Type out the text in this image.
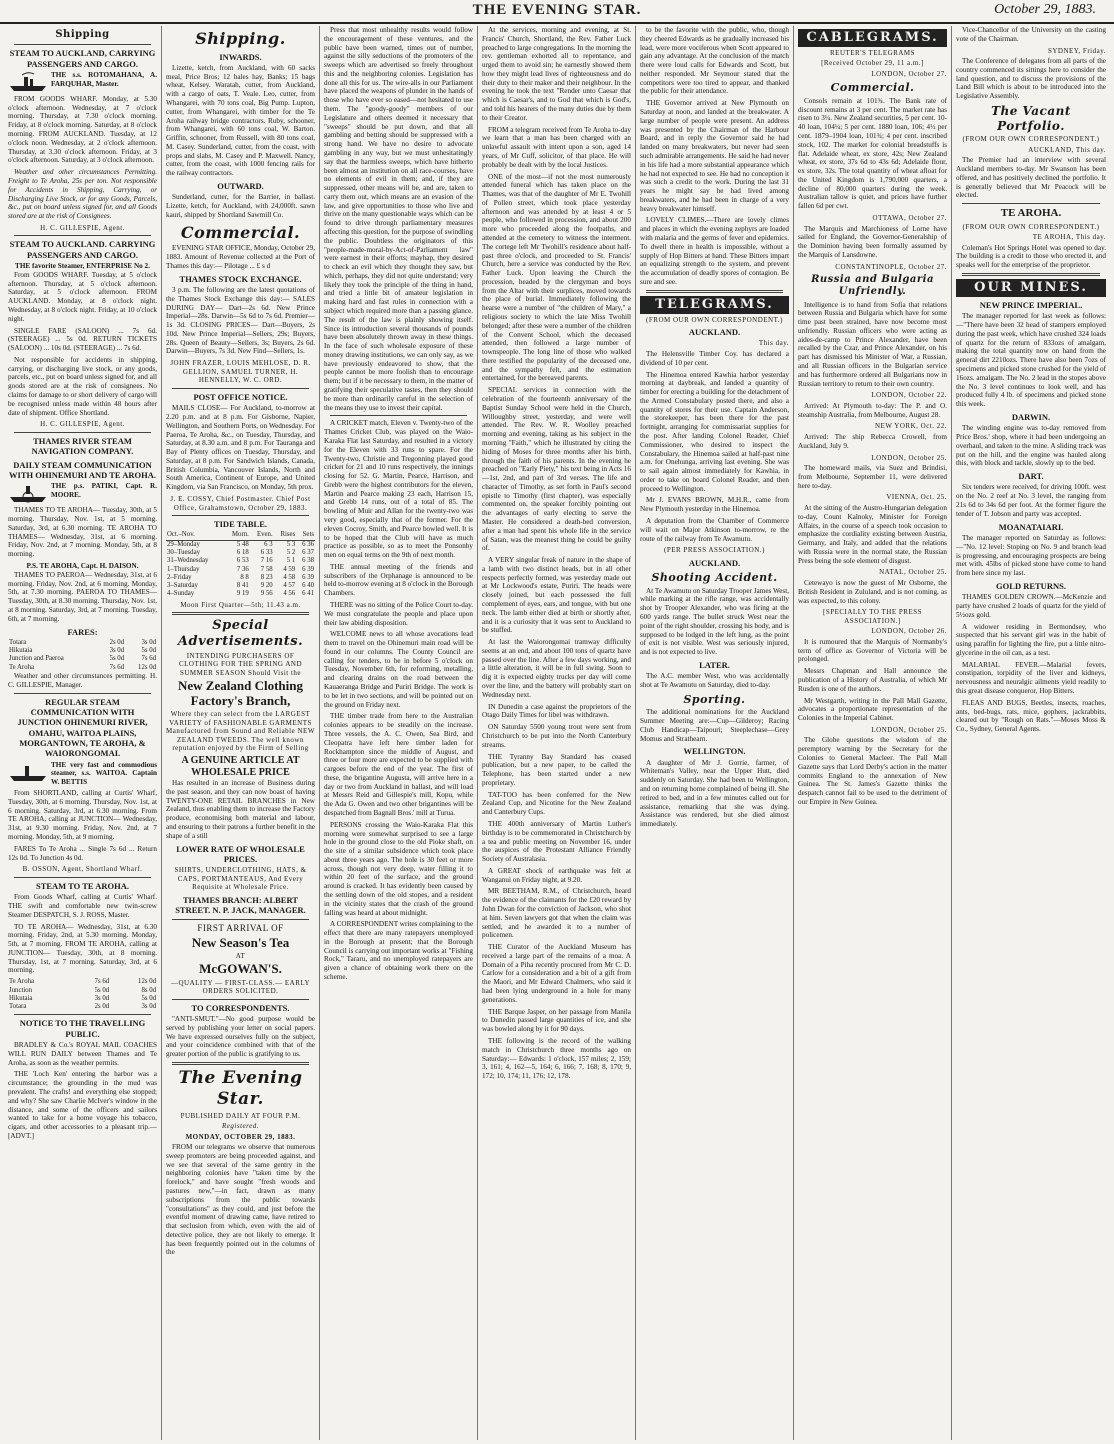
THE EVENING STAR.	October 29, 1883.
Shipping
STEAM TO AUCKLAND, CARRYING PASSENGERS AND CARGO.
THE s.s. ROTOMAHANA, A. FARQUHAR, Master.
FROM GOODS WHARF. Monday, at 5.30 o'clock afternoon. Wednesday, at 7 o'clock morning. Thursday, at 7.30 o'clock morning. Friday, at 8 o'clock morning. Saturday, at 8 o'clock morning. FROM AUCKLAND. Tuesday, at 12 o'clock noon. Wednesday, at 2 o'clock afternoon. Thursday, at 3.30 o'clock afternoon. Friday, at 3 o'clock afternoon. Saturday, at 3 o'clock afternoon.
Weather and other circumstances Permitting. Freight to Te Aroha, 25s per ton. Not responsible for Accidents in Shipping, Carrying, or Discharging Live Stock, or for any Goods, Parcels, &c., put on board unless signed for, and all Goods stored are at the risk of Consignees.
H. C. GILLESPIE, Agent.
STEAM TO AUCKLAND. CARRYING PASSENGERS AND CARGO.
THE favorite Steamer, ENTERPRISE No 2.
From GOODS WHARF. Tuesday, at 5 o'clock afternoon. Thursday, at 5 o'clock afternoon. Saturday, at 5 o'clock afternoon. FROM AUCKLAND. Monday, at 8 o'clock night. Wednesday, at 8 o'clock night. Friday, at 10 o'clock night.
SINGLE FARE (SALOON) ... 7s 6d. (STEERAGE) ... 5s 0d. RETURN TICKETS (SALOON) ... 10s 0d. (STEERAGE) ... 7s 6d.
Not responsible for accidents in shipping, carrying, or discharging live stock, or any goods, parcels, etc., put on board unless signed for, and all goods stored are at the risk of consignees. No claims for damage to or short delivery of cargo will be recognised unless made within 48 hours after date of shipment. Office Shortland.
H. C. GILLESPIE, Agent.
THAMES RIVER STEAM NAVIGATION COMPANY.
DAILY STEAM COMMUNICATION WITH OHINEMURI AND TE AROHA.
THE p.s. PATIKI, Capt. R. MOORE.
THAMES TO TE AROHA— Tuesday, 30th, at 5 morning. Thursday, Nov. 1st, at 5 morning. Saturday, 3rd, at 6.30 morning. TE AROHA TO THAMES— Wednesday, 31st, at 6 morning. Friday, Nov. 2nd, at 7 morning. Monday, 5th, at 8 morning.
P.S. TE AROHA, Capt. H. DAISON.
THAMES TO PAEROA— Wednesday, 31st, at 6 morning. Friday, Nov. 2nd, at 6 morning. Monday, 5th, at 7.30 morning. PAEROA TO THAMES— Tuesday, 30th, at 8.30 morning. Thursday, Nov. 1st, at 8 morning. Saturday, 3rd, at 7 morning. Tuesday, 6th, at 7 morning.
FARES:
Totara	2s 0d	3s 0d
Hikutaia	3s 0d	5s 0d
Junction and Paeroa	5s 0d	7s 6d
Te Aroha	7s 6d	12s 0d
Weather and other circumstances permitting. H. C. GILLESPIE, Manager.
REGULAR STEAM COMMUNICATION WITH JUNCTION OHINEMURI RIVER, OMAHU, WAITOA PLAINS, MORGANTOWN, TE AROHA, & WAIORONGOMAI.
THE very fast and commodious steamer, s.s. WAITOA. Captain W. BETTIS
From SHORTLAND, calling at Curtis' Wharf, Tuesday, 30th, at 6 morning. Thursday, Nov. 1st, at 6 morning. Saturday, 3rd, at 6.30 morning. From TE AROHA, calling at JUNCTION— Wednesday, 31st, at 9.30 morning. Friday, Nov. 2nd, at 7 morning. Monday, 5th, at 9 morning.
FARES To Te Aroha ... Single 7s 6d ... Return 12s 0d. To Junction 4s 0d.
B. OSSON, Agent, Shortland Wharf.
STEAM TO TE AROHA.
From Goods Wharf, calling at Curtis' Wharf. THE swift and comfortable new twin-screw Steamer DESPATCH, S. J. ROSS, Master.
TO TE AROHA— Wednesday, 31st, at 6.30 morning. Friday, 2nd, at 5.30 morning. Monday, 5th, at 7 morning. FROM TE AROHA, calling at JUNCTION— Tuesday, 30th, at 8 morning. Thursday, 1st, at 7 morning. Saturday, 3rd, at 6 morning.
Te Aroha	7s 6d	12s 0d
Junction	5s 0d	8s 0d
Hikutaia	3s 0d	5s 0d
Totara	2s 0d	3s 0d
NOTICE TO THE TRAVELLING PUBLIC.
BRADLEY & Co.'s ROYAL MAIL COACHES WILL RUN DAILY between Thames and Te Aroha, as soon as the weather permits.
THE 'Loch Ken' entering the harbor was a circumstance; the grounding in the mud was prevalent. The crafts! and everything else stopped; and why? She saw Charlie McIver's window in the distance, and some of the officers and sailors wanted to take for a home voyage his tobacco, cigars, and other accessories to a pleasant trip.—[ADVT.]
Shipping.
INWARDS.
Lizette, ketch, from Auckland, with 60 sacks meal, Price Bros; 12 bales hay, Banks; 15 bags wheat, Kelsey. Waratah, cutter, from Auckland, with a cargo of oats, T. Veale. Leo, cutter, from Whangarei, with 70 tons coal, Big Pump. Lupton, cutter, from Whangarei, with timber for the Te Aroha railway bridge contractors. Ruby, schooner, from Whangarei, with 60 tons coal, W. Barton. Griffin, schooner, from Russell, with 80 tons coal, M. Casey. Sunderland, cutter, from the coast, with props and slabs, M. Casey and P. Maxwell. Nancy, cutter, from the coast, with 1000 fencing rails for the railway contractors.
OUTWARD.
Sunderland, cutter, for the Barrier, in ballast. Lizette, ketch, for Auckland, with 24,000ft. sawn kauri, shipped by Shortland Sawmill Co.
Commercial.
EVENING STAR OFFICE, Monday, October 29, 1883. Amount of Revenue collected at the Port of Thames this day:— Pilotage ... £ s d
THAMES STOCK EXCHANGE.
3 p.m. The following are the latest quotations of the Thames Stock Exchange this day:— SALES DURING DAY— Dart—2s 6d. New Prince Imperial—28s. Darwin—5s 6d to 7s 6d. Premier—1s 3d. CLOSING PRICES— Dart—Buyers, 2s 10d. New Prince Imperial—Sellers, 29s; Buyers, 28s. Queen of Beauty—Sellers, 3s; Buyers, 2s 6d. Darwin—Buyers, 7s 3d. New Find—Sellers, 1s.
JOHN FRAZER, LOUIS MEHLOSE, D. R. GELLION, SAMUEL TURNER, H. HENNELLY, W. C. ORD.
POST OFFICE NOTICE.
MAILS CLOSE— For Auckland, to-morrow at 2.20 p.m. and at 8 p.m. For Gisborne, Napier, Wellington, and Southern Ports, on Wednesday. For Paeroa, Te Aroha, &c., on Tuesday, Thursday, and Saturday, at 8.30 a.m. and 8 p.m. For Tauranga and Bay of Plenty offices on Tuesday, Thursday, and Saturday, at 8 p.m. For Sandwich Islands, Canada, British Columbia, Vancouver Islands, North and South America, Continent of Europe, and United Kingdom, via San Francisco, on Monday, 5th prox.
J. E. COSSY, Chief Postmaster. Chief Post Office, Grahamstown, October 29, 1883.
TIDE TABLE.
Oct.–Nov.	Morn.	Even.	Rises	Sets
29–Monday	5 48	6 3	5 3	6 36
30–Tuesday	6 18	6 33	5 2	6 37
31–Wednesday	6 53	7 16	5 1	6 38
1–Thursday	7 36	7 58	4 59	6 39
2–Friday	8 8	8 23	4 58	6 39
3–Saturday	8 41	9 20	4 57	6 40
4–Sunday	9 19	9 56	4 56	6 41
Moon First Quarter—5th; 11.43 a.m.
Special Advertisements.
INTENDING PURCHASERS OF CLOTHING FOR THE SPRING AND SUMMER SEASON Should Visit the
New Zealand Clothing Factory's Branch,
Where they can select from the LARGEST VARIETY of FASHIONABLE GARMENTS Manufactured from Sound and Reliable NEW ZEALAND TWEEDS. The well known reputation enjoyed by the Firm of Selling
A GENUINE ARTICLE AT WHOLESALE PRICE
Has resulted in an increase of Business during the past season, and they can now boast of having TWENTY-ONE RETAIL BRANCHES in New Zealand, thus enabling them to increase the Factory produce, economising both material and labour, and ensuring to their patrons a further benefit in the shape of a still
LOWER RATE OF WHOLESALE PRICES.
SHIRTS, UNDERCLOTHING, HATS, & CAPS, PORTMANTEAUS, And Every Requisite at Wholesale Price.
THAMES BRANCH: ALBERT STREET. N. P. JACK, MANAGER.
FIRST ARRIVAL OF
New Season's Tea
AT
McGOWAN'S.
—QUALITY — FIRST-CLASS.— EARLY ORDERS SOLICITED.
TO CORRESPONDENTS.
"ANTI-SMUT."—No good purpose would be served by publishing your letter on social papers. We have expressed ourselves fully on the subject, and your coincidence combined with that of the greater portion of the public is gratifying to us.
The Evening Star.
PUBLISHED DAILY AT FOUR P.M.
Registered.
MONDAY, OCTOBER 29, 1883.
FROM our telegrams we observe that numerous sweep promoters are being proceeded against, and we see that several of the same gentry in the neighboring colonies have "taken time by the forelock," and have sought "fresh woods and pastures new,"—in fact, drawn as many subscriptions from the public towards "consultations" as they could, and just before the eventful moment of drawing came, have retired to that seclusion from which, even with the aid of detective police, they are not likely to emerge. It has been frequently pointed out in the columns of the
Press that most unhealthy results would follow the encouragement of these ventures, and the public have been warned, times out of number, against the silly seductions of the promoters of the sweeps which are advertised so freely throughout this and the neighboring colonies. Legislation has done all this for us. The wire-alls in our Parliament have placed the weapons of plunder in the hands of those who have ever so eased—not hesitated to use them. The "goody-goody" members of our Legislature and others deemed it necessary that "sweeps" should be put down, and that all gambling and betting should be suppressed with a strong hand. We have no desire to advocate gambling in any way, but we must unhesitatingly say that the harmless sweeps, which have hitherto been almost an institution on all race-courses, have no elements of evil in them; and, if they are suppressed, other means will be, and are, taken to carry them out, which means are an evasion of the law, and give opportunities to those who live and thrive on the many questionable ways which can be found to drive through parliamentary measures affecting this question, for the purpose of swindling the public. Doubtless the originators of this "people-made-moral-by-Act-of-Parliament law" were earnest in their efforts; mayhap, they desired to check an evil which they thought they saw, but which, perhaps, they did not quite understand; very likely they took the principle of the thing in hand, and tried a little bit of amateur legislation in making hard and fast rules in connection with a subject which required more than a passing glance. The result of the law is plainly showing itself. Since its introduction several thousands of pounds have been absolutely thrown away in these things. In the face of such wholesale exposure of these money drawing institutions, we can only say, as we have previously endeavored to show, that the people cannot be more foolish than to encourage them; but if it be necessary to them, in the matter of gratifying their speculative tastes, then they should be more than ordinarily careful in the selection of the means they use to invest their capital.
A CRICKET match, Eleven v. Twenty-two of the Thames Cricket Club, was played on the Waio-Karaka Flat last Saturday, and resulted in a victory for the Eleven with 33 runs to spare. For the Twenty-two, Christie and Tregonning played good cricket for 21 and 10 runs respectively, the innings closing for 52. G. Martin, Pearce, Harrison, and Grebb were the highest contributors for the eleven, Martin and Pearce making 23 each, Harrison 15, and Grebb 14 runs, out of a total of 85. The bowling of Muir and Allan for the twenty-two was very good, especially that of the former. For the eleven Cocroy, Smith, and Pearce bowled well. It is to be hoped that the Club will have as much practice as possible, so as to meet the Ponsonby men on equal terms on the 9th of next month.
THE annual meeting of the friends and subscribers of the Orphanage is announced to be held to-morrow evening at 8 o'clock in the Borough Chambers.
THERE was no sitting of the Police Court to-day. We must congratulate the people and place upon their law abiding disposition.
WELCOME news to all whose avocations lead them to travel on the Ohinemuri main road will be found in our columns. The County Council are calling for tenders, to be in before 5 o'clock on Tuesday, November 6th, for reforming, metalling, and clearing drains on the road between the Kauaeranga Bridge and Puriri Bridge. The work is to be let in two sections, and will be pointed out on the ground on Friday next.
THE timber trade from here to the Australian colonies appears to be steadily on the increase. Three vessels, the A. C. Owen, Sea Bird, and Cleopatra have left here timber laden for Rockhampton since the middle of August, and three or four more are expected to be supplied with cargoes before the end of the year. The first of these, the brigantine Augusta, will arrive here in a day or two from Auckland in ballast, and will load at Messrs Reid and Gillespie's mill, Kopu, while the Ada G. Owen and two other brigantines will be despatched from Bagnall Bros.' mill at Turua.
PERSONS crossing the Waio-Karaka Flat this morning were somewhat surprised to see a large hole in the ground close to the old Pioke shaft, on the site of a similar subsidence which took place about three years ago. The hole is 30 feet or more across, though not very deep, water filling it to within 20 feet of the surface, and the ground around is cracked. It has evidently been caused by the settling down of the old stopes, and a resident in the vicinity states that the crash of the ground falling was heard at about midnight.
A CORRESPONDENT writes complaining to the effect that there are many ratepayers unemployed in the Borough at present; that the Borough Council is carrying out important works at "Fishing Rock," Tararu, and no unemployed ratepayers are given a chance of obtaining work there on the scheme.
At the services, morning and evening, at St. Francis' Church, Shortland, the Rev. Father Luck preached to large congregations. In the morning the rev. gentleman exhorted all to repentance, and urged them to avoid sin; he earnestly showed them how they might lead lives of righteousness and do their duty to their maker and their neighbour. In the evening he took the text "Render unto Caesar that which is Caesar's, and to God that which is God's, and told his hearers of the many duties due by them to their Creator.
FROM a telegram received from Te Aroha to-day we learn that a man has been charged with an unlawful assault with intent upon a son, aged 14 years, of Mr Cuff, solicitor, of that place. He will probably be dealt with by the local Justices.
ONE of the most—if not the most numerously attended funeral which has taken place on the Thames, was that of the daughter of Mr E. Twohill of Pollen street, which took place yesterday afternoon and was attended by at least 4 or 5 people, who followed in procession, and about 200 more who proceeded along the footpaths, and attended at the cemetery to witness the interment. The cortege left Mr Twohill's residence about half-past three o'clock, and proceeded to St. Francis' Church, here a service was conducted by the Rev. Father Luck. Upon leaving the Church the procession, headed by the clergyman and boys from the Altar with their surplices, moved towards the place of burial. Immediately following the hearse were a number of "the children of Mary," a religious society to which the late Miss Twohill belonged; after these were a number of the children of the Convent School, which the deceased attended, then followed a large number of townspeople. The long line of those who walked there testified the popularity of the deceased one, and the sympathy felt, and the estimation entertained, for the bereaved parents.
SPECIAL services in connection with the celebration of the fourteenth anniversary of the Baptist Sunday School were held in the Church, Willoughby street, yesterday, and were well attended. The Rev. W. R. Woolley preached morning and evening, taking as his subject in the morning "Faith," which he illustrated by citing the hiding of Moses for three months after his birth, through the faith of his parents. In the evening he preached on "Early Piety," his text being in Acts 16—1st, 2nd, and part of 3rd verses. The life and character of Timothy, as set forth in Paul's second epistle to Timothy (first chapter), was especially commented on, the speaker forcibly pointing out the advantages of early electing to serve the Master. He considered a death-bed conversion, after a man had spent his whole life in the service of Satan, was the meanest thing he could be guilty of.
A VERY singular freak of nature in the shape of a lamb with two distinct heads, but in all other respects perfectly formed, was yesterday made out at Mr Lockwood's estate, Puriri. The heads were closely joined, but each possessed the full complement of eyes, ears, and tongue, with but one neck. The lamb either died at birth or shortly after, and it is a curiosity that it was sent to Auckland to be stuffed.
At last the Waiorongomai tramway difficulty seems at an end, and about 100 tons of quartz have passed over the line. After a few days working, and a little alteration, it will be in full swing. Soon to dig it is expected eighty trucks per day will come over the line, and the battery will probably start on Wednesday next.
IN Dunedin a case against the proprietors of the Otago Daily Times for libel was withdrawn.
ON Saturday 5500 young trout were sent from Christchurch to be put into the North Canterbury streams.
THE Tyranny Bay Standard has ceased publication, but a new paper, to be called the Telephone, has been started under a new proprietary.
TAT-TOO has been conferred for the New Zealand Cup, and Nicotine for the New Zealand and Canterbury Cups.
THE 400th anniversary of Martin Luther's birthday is to be commemorated in Christchurch by a tea and public meeting on November 16, under the auspices of the Protestant Alliance Friendly Society of Australasia.
A GREAT shock of earthquake was felt at Wanganui on Friday night, at 9.20.
MR BEETHAM, R.M., of Christchurch, heard the evidence of the claimants for the £20 reward by John Dwan for the conviction of Jackson, who shot at him. Seven lawyers got that when the claim was settled, and he awarded it to a number of policemen.
THE Curator of the Auckland Museum has received a large part of the remains of a moa. A Domain of a Piha recently procured from Mr C. D. Carlow for a consideration and a bit of a gift from the Maori, and Mr Edward Chalmers, who said it had been lying underground in a hole for many generations.
THE Barque Jasper, on her passage from Manila to Dunedin passed large quantities of ice, and she was bowled along by it for 90 days.
THE following is the record of the walking match in Christchurch three months ago on Saturday:— Edwards: 1 o'clock, 157 miles; 2, 159; 3, 161; 4, 162—5, 164; 6, 166; 7, 168; 8, 170; 9, 172; 10, 174; 11, 176; 12, 178.
to be the favorite with the public, who, though they cheered Edwards as he gradually increased his lead, were more vociferous when Scott appeared to gain any advantage. At the conclusion of the match there were loud calls for Edwards and Scott, but neither responded. Mr Seymour stated that the competitors were too tired to appear, and thanked the public for their attendance.
THE Governor arrived at New Plymouth on Saturday at noon, and landed at the breakwater. A large number of people were present. An address was presented by the Chairman of the Harbour Board, and in reply the Governor said he had landed on many breakwaters, but never had seen such admirable arrangements. He said he had never in his life had a more substantial appearance which he had not expected to see. He had no conception it was such a credit to the work. During the last 31 years he might say he had lived among breakwaters, and he had been in charge of a very heavy breakwater himself.
LOVELY CLIMES.—There are lovely climes and places in which the evening zephyrs are loaded with malaria and the germs of fever and epidemics. To dwell there in health is impossible, without a supply of Hop Bitters at hand. These Bitters impart an equalizing strength to the system, and prevent the accumulation of deadly spores of contagion. Be sure and see.
TELEGRAMS.
(FROM OUR OWN CORRESPONDENT.)
AUCKLAND.
This day.
The Helensville Timber Coy. has declared a dividend of 10 per cent.
The Hinemoa entered Kawhia harbor yesterday morning at daybreak, and landed a quantity of timber for erecting a building for the detachment of the Armed Constabulary posted there, and also a quantity of stores for their use. Captain Anderson, the storekeeper, has been there for the past fortnight, arranging for commissariat supplies for the post. After landing Colonel Reader, Chief Commissioner, who desired to inspect the Constabulary, the Hinemoa sailed at half-past nine a.m. for Onehunga, arriving last evening. She was to sail again almost immediately for Kawhia, in order to take on board Colonel Reader, and then proceed to Wellington.
Mr J. EVANS BROWN, M.H.R., came from New Plymouth yesterday in the Hinemoa.
A deputation from the Chamber of Commerce will wait on Major Atkinson to-morrow, re the route of the railway from Te Awamutu.
(PER PRESS ASSOCIATION.)
AUCKLAND.
Shooting Accident.
At Te Awamutu on Saturday Trooper James West, while marking at the rifle range, was accidentally shot by Trooper Alexander, who was firing at the 600 yards range. The bullet struck West near the point of the right shoulder, crossing his body, and is supposed to be lodged in the left lung, as the point of exit is not visible. West was seriously injured, and is not expected to live.
LATER.
The A.C. member West, who was accidentally shot at Te Awamutu on Saturday, died to-day.
Sporting.
The additional nominations for the Auckland Summer Meeting are:—Cup—Gilderoy; Racing Club Handicap—Taipouri; Steeplechase—Grey Momus and Strathearn.
WELLINGTON.
A daughter of Mr J. Gorrie, farmer, of Whiteman's Valley, near the Upper Hutt, died suddenly on Saturday. She had been to Wellington, and on returning home complained of being ill. She retired to bed, and in a few minutes called out for assistance, remarking that she was dying. Assistance was rendered, but she died almost immediately.
CABLEGRAMS.
REUTER'S TELEGRAMS
[Received October 29, 11 a.m.]
LONDON, October 27.
Commercial.
Consols remain at 101¾. The Bank rate of discount remains at 3 per cent. The market rate has risen to 3¼. New Zealand securities, 5 per cent. 10-40 loan, 104¼; 5 per cent. 1880 loan, 106; 4½ per cent. 1879–1904 loan, 101¾; 4 per cent. inscribed stock, 102. The market for colonial breadstuffs is flat. Adelaide wheat, ex store, 42s; New Zealand wheat, ex store, 37s 6d to 43s 6d; Adelaide flour, ex store, 32s. The total quantity of wheat afloat for the United Kingdom is 1,790,000 quarters, a decline of 80,000 quarters during the week. Australian tallow is quiet, and prices have further fallen 6d per cwt.
OTTAWA, October 27.
The Marquis and Marchioness of Lorne have sailed for England, the Governor-Generalship of the Dominion having been formally assumed by the Marquis of Lansdowne.
CONSTANTINOPLE, October 27.
Russia and Bulgaria Unfriendly.
Intelligence is to hand from Sofia that relations between Russia and Bulgaria which have for some time past been strained, have now become most unfriendly. Russian officers who were acting as aides-de-camp to Prince Alexander, have been recalled by the Czar, and Prince Alexander, on his part has dismissed his Minister of War, a Russian, and all Russian officers in the Bulgarian service and has furthermore ordered all Bulgarians now in Russian territory to return to their own country.
LONDON, October 22.
Arrived: At Plymouth to-day: The P. and O. steamship Australia, from Melbourne, August 28.
NEW YORK, Oct. 22.
Arrived: The ship Rebecca Crowell, from Auckland, July 9.
LONDON, October 25.
The homeward mails, via Suez and Brindisi, from Melbourne, September 11, were delivered here to-day.
VIENNA, Oct. 25.
At the sitting of the Austro-Hungarian delegation to-day, Count Kalnoky, Minister for Foreign Affairs, in the course of a speech took occasion to emphasize the cordiality existing between Austria, Germany, and Italy, and added that the relations with Russia were in the normal state, the Russian Press being the sole element of disgust.
NATAL, October 25.
Cetewayo is now the guest of Mr Osborne, the British Resident in Zululand, and is not coming, as was expected, to this colony.
[SPECIALLY TO THE PRESS ASSOCIATION.]
LONDON, October 26.
It is rumoured that the Marquis of Normanby's term of office as Governor of Victoria will be prolonged.
Messrs Chapman and Hall announce the publication of a History of Australia, of which Mr Rusden is one of the authors.
Mr Westgarth, writing in the Pall Mall Gazette, advocates a proportionate representation of the Colonies in the Imperial Cabinet.
LONDON, October 25.
The Globe questions the wisdom of the peremptory warning by the Secretary for the Colonies to General Macleer. The Pall Mall Gazette says that Lord Derby's action in the matter commits England to the annexation of New Guinea. The St. James's Gazette thinks the despatch cannot fail to be used to the detriment of our Empire in New Guinea.
Vice-Chancellor of the University on the casting vote of the Chairman.
SYDNEY, Friday.
The Conference of delegates from all parts of the country commenced its sittings here to consider the land question, and to discuss the provisions of the Land Bill which is about to be introduced into the Legislative Assembly.
The Vacant Portfolio.
(FROM OUR OWN CORRESPONDENT.)
AUCKLAND, This day.
The Premier had an interview with several Auckland members to-day. Mr Swanson has been offered, and has positively declined the portfolio. It is generally believed that Mr Peacock will be elected.
TE AROHA.
(FROM OUR OWN CORRESPONDENT.)
TE AROHA, This day.
Coleman's Hot Springs Hotel was opened to day. The building is a credit to those who erected it, and speaks well for the enterprise of the proprietor.
OUR MINES.
NEW PRINCE IMPERIAL.
The manager reported for last week as follows:—"There have been 32 head of stampers employed during the past week, which have crushed 324 loads of quartz for the return of 833ozs of amalgam, making the total quantity now on hand from the general dirt 2210ozs. There have also been 7ozs of specimens and picked stone crushed for the yield of 16ozs. amalgam. The No. 2 lead in the stopes above the No. 3 level continues to look well, and has produced fully 4 lb. of specimens and picked stone this week.
DARWIN.
The winding engine was to-day removed from Price Bros.' shop, where it had been undergoing an overhaul, and taken to the mine. A sliding track was put on the hill, and the engine was hauled along this, with block and tackle, slowly up to the bed.
DART.
Six tenders were received, for driving 100ft. west on the No. 2 reef at No. 3 level, the ranging from 21s 6d to 34s 6d per foot. At the former figure the tender of T. Jobson and party was accepted.
MOANATAIARI.
The manager reported on Saturday as follows:—"No. 12 level: Stoping on No. 9 and branch lead is progressing, and encouraging prospects are being met with. 45lbs of picked stone have come to hand from here since my last.
GOLD RETURNS.
THAMES GOLDEN CROWN.—McKenzie and party have crushed 2 loads of quartz for the yield of 5½ozs gold.
A widower residing in Bermondsey, who suspected that his servant girl was in the habit of using paraffin for lighting the fire, put a little nitro-glycerine in the oil can, as a test.
MALARIAL FEVER.—Malarial fevers, constipation, torpidity of the liver and kidneys, nervousness and neuralgic ailments yield readily to this great disease conqueror, Hop Bitters.
FLEAS AND BUGS, Beetles, insects, roaches, ants, bed-bugs, rats, mice, gophers, jackrabbits, cleared out by "Rough on Rats."—Moses Moss & Co., Sydney, General Agents.
